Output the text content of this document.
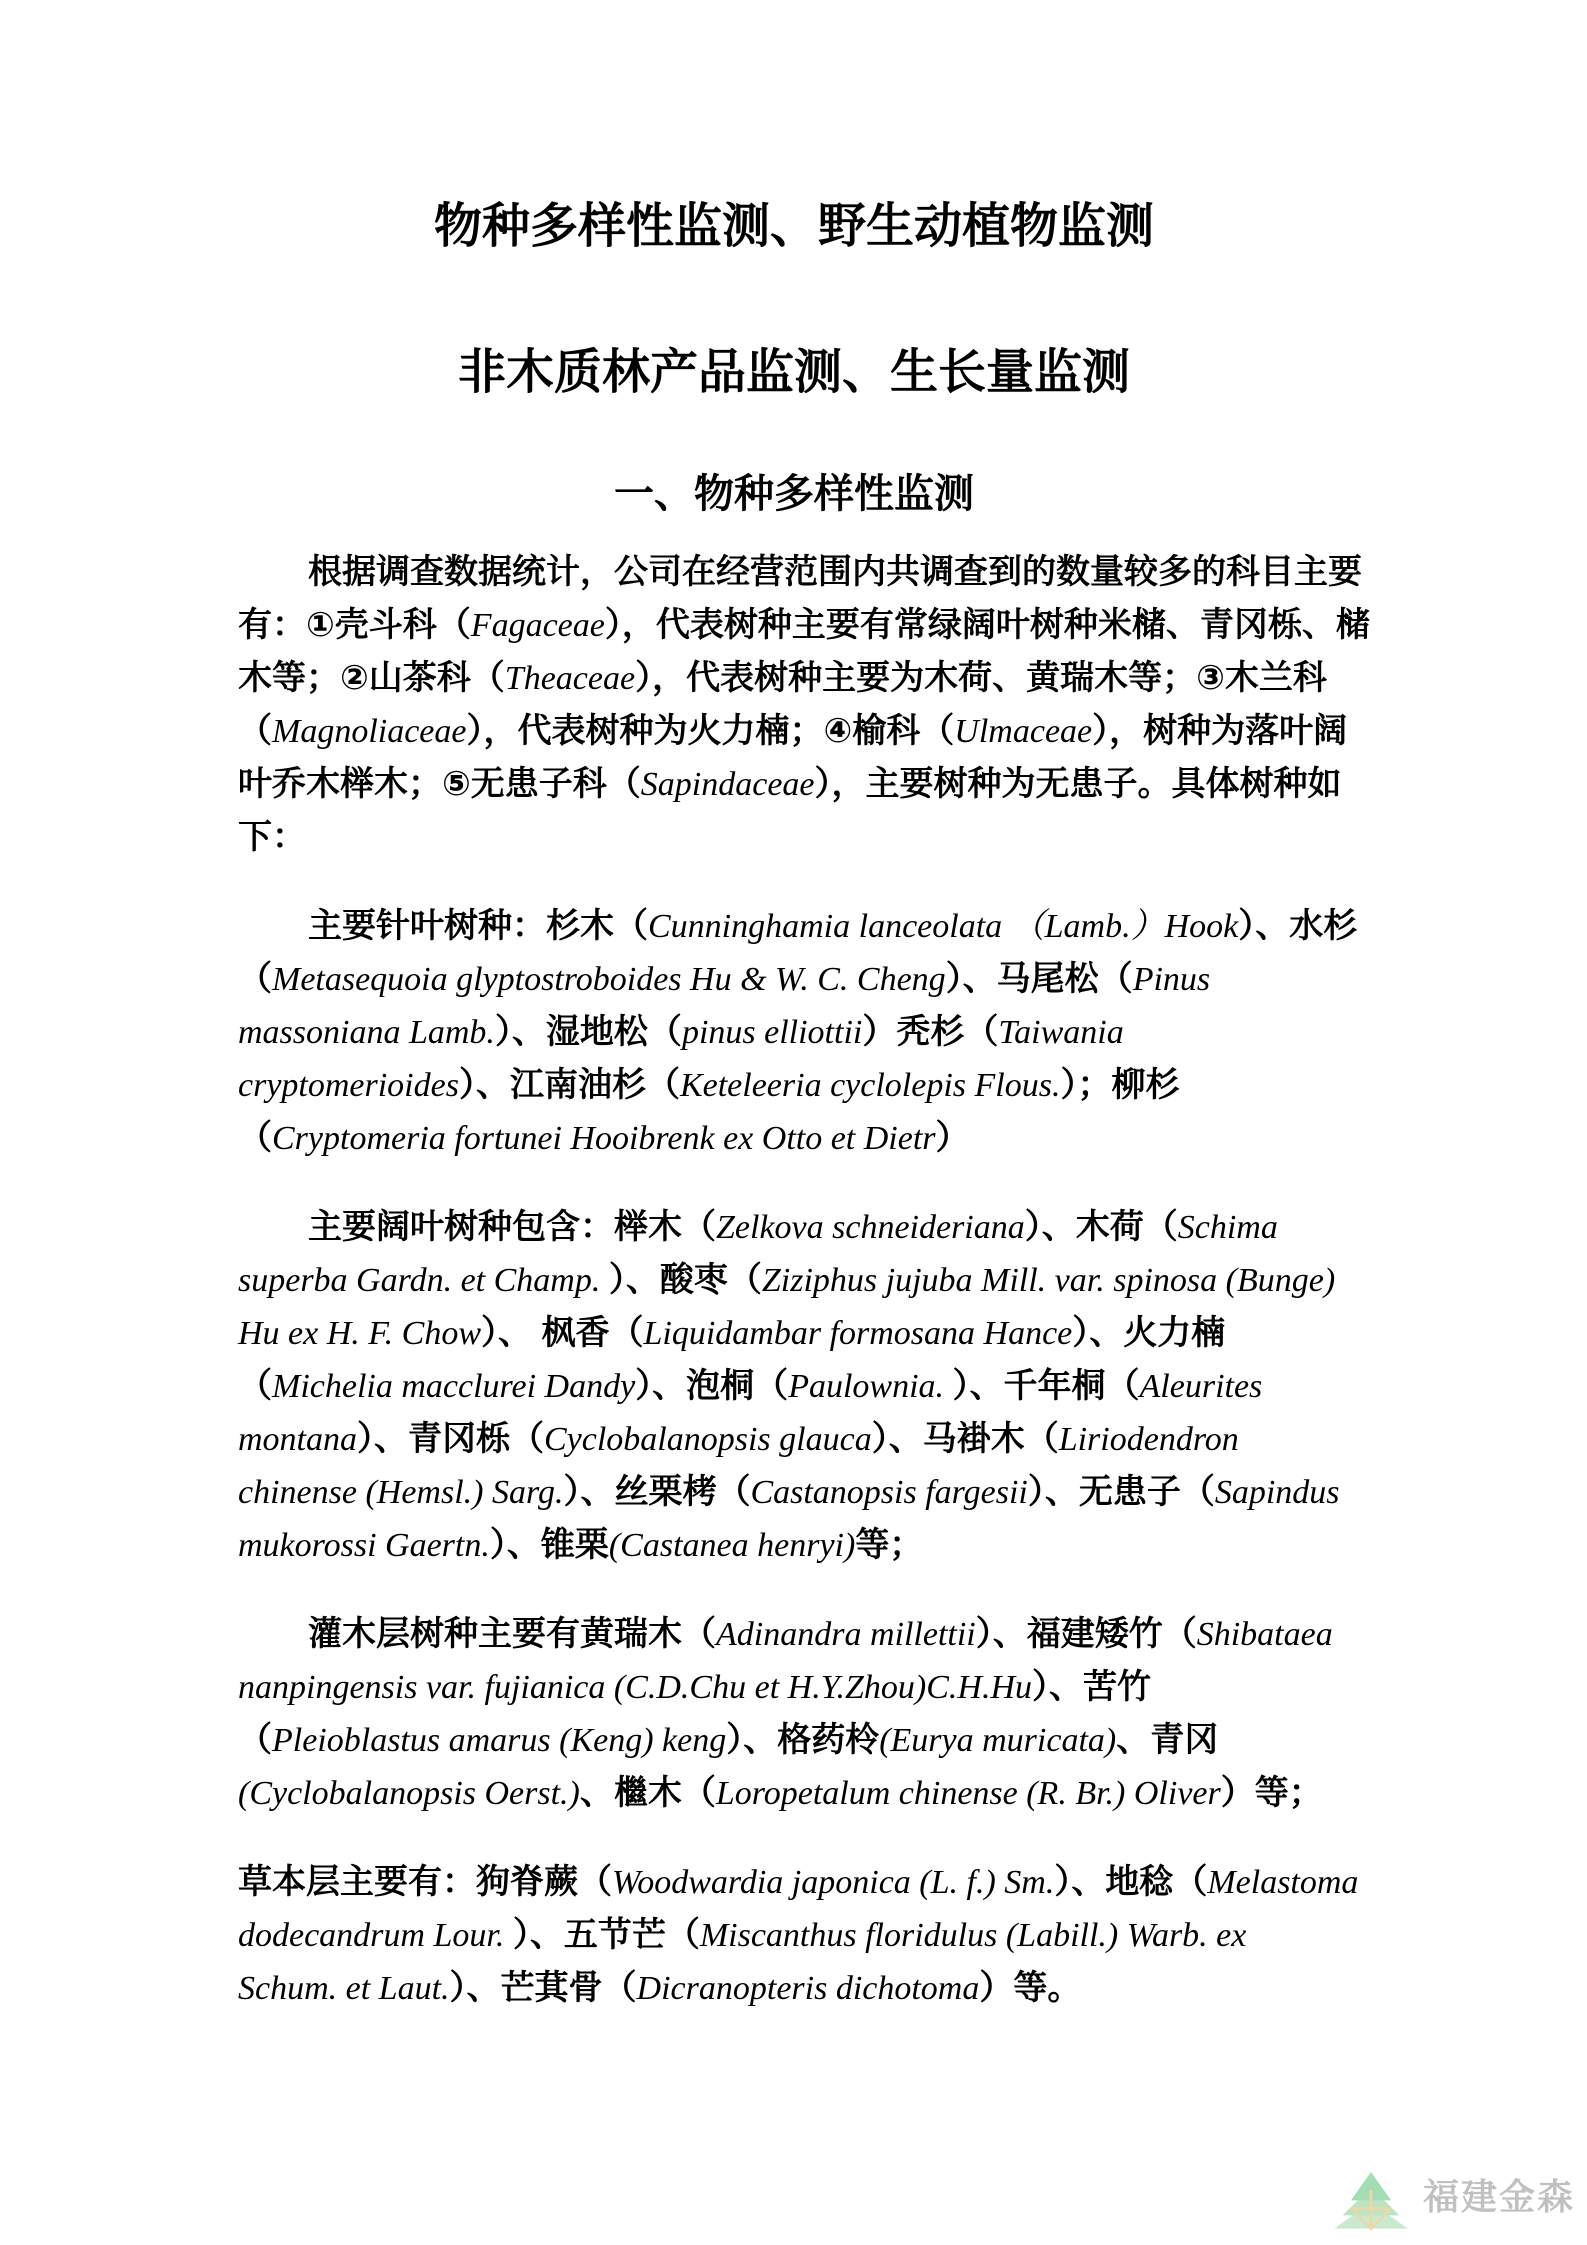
物种多样性监测、野生动植物监测
非木质林产品监测、生长量监测
一、物种多样性监测
根据调查数据统计，公司在经营范围内共调查到的数量较多的科目主要
有：①壳斗科（Fagaceae），代表树种主要有常绿阔叶树种米槠、青冈栎、槠
木等；②山茶科（Theaceae），代表树种主要为木荷、黄瑞木等；③木兰科
（Magnoliaceae），代表树种为火力楠；④榆科（Ulmaceae），树种为落叶阔
叶乔木榉木；⑤无患子科（Sapindaceae），主要树种为无患子。具体树种如
下：
主要针叶树种：杉木（Cunninghamia lanceolata （Lamb.）Hook）、水杉
（Metasequoia glyptostroboides Hu & W. C. Cheng）、马尾松（Pinus
massoniana Lamb.）、湿地松（pinus elliottii）秃杉（Taiwania
cryptomerioides）、江南油杉（Keteleeria cyclolepis Flous.）；柳杉
（Cryptomeria fortunei Hooibrenk ex Otto et Dietr）
主要阔叶树种包含：榉木（Zelkova schneideriana）、木荷（Schima
superba Gardn. et Champ. ）、酸枣（Ziziphus jujuba Mill. var. spinosa (Bunge)
Hu ex H. F. Chow）、 枫香（Liquidambar formosana Hance）、火力楠
（Michelia macclurei Dandy）、泡桐（Paulownia. ）、千年桐（Aleurites
montana）、青冈栎（Cyclobalanopsis glauca）、马褂木（Liriodendron
chinense (Hemsl.) Sarg.）、丝栗栲（Castanopsis fargesii）、无患子（Sapindus
mukorossi Gaertn.）、锥栗(Castanea henryi)等；
灌木层树种主要有黄瑞木（Adinandra millettii）、福建矮竹（Shibataea
nanpingensis var. fujianica (C.D.Chu et H.Y.Zhou)C.H.Hu）、苦竹
（Pleioblastus amarus (Keng) keng）、格药柃(Eurya muricata)、青冈
(Cyclobalanopsis Oerst.)、檵木（Loropetalum chinense (R. Br.) Oliver）等；
草本层主要有：狗脊蕨（Woodwardia japonica (L. f.) Sm.）、地稔（Melastoma
dodecandrum Lour. ）、五节芒（Miscanthus floridulus (Labill.) Warb. ex
Schum. et Laut.）、芒萁骨（Dicranopteris dichotoma）等。
福建金森
